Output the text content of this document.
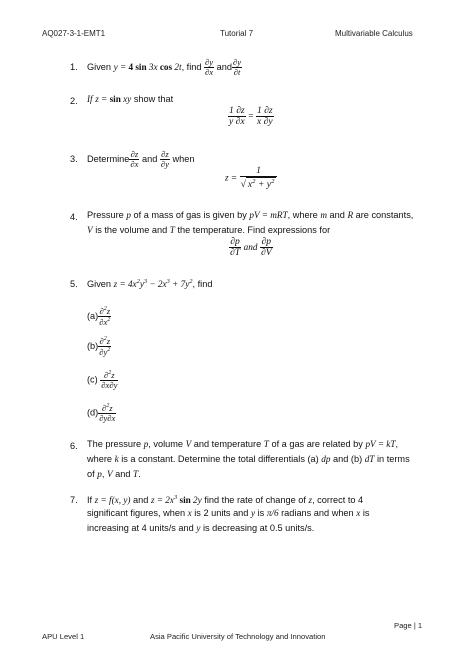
AQ027-3-1-EMT1	Tutorial 7	Multivariable Calculus
1. Given y = 4 sin 3x cos 2t, find $\frac{\partial y}{\partial x}$ and $\frac{\partial y}{\partial t}$
2. If z = sin xy show that
$\frac{1 \partial z}{y \partial x} = \frac{1 \partial z}{x \partial y}$
3. Determine $\frac{\partial z}{\partial x}$ and $\frac{\partial z}{\partial y}$ when
$z = \frac{1}{√ x^2 + y^2}$
4. Pressure p of a mass of gas is given by pV = mRT, where m and R are constants,
V is the volume and T the temperature. Find expressions for
$\frac{\partial p}{\partial T}$ and $\frac{\partial p}{\partial V}$
5. Given $z = 4x^2y^3 - 2x^3 + 7y^2$, find
$(a) \frac{\partial^2z}{\partial x^2}$
$(b) \frac{\partial^2z}{\partial y^2}$
$(c) \frac{\partial^2z}{\partial x\partial y}$
$(d) \frac{\partial^2z}{\partial y\partial x}$
6. The pressure p, volume V and temperature T of a gas are related by pV = kT,
where k is a constant. Determine the total differentials (a) dp and (b) dT in terms
of p, V and T.
7. If z = f(x, y) and $z = 2x^3$ sin 2y find the rate of change of z, correct to 4
significant figures, when x is 2 units and y is π/6 radians and when x is
increasing at 4 units/s and y is decreasing at 0.5 units/s.
Page | 1
APU Level 1	Asia Pacific University of Technology and Innovation
